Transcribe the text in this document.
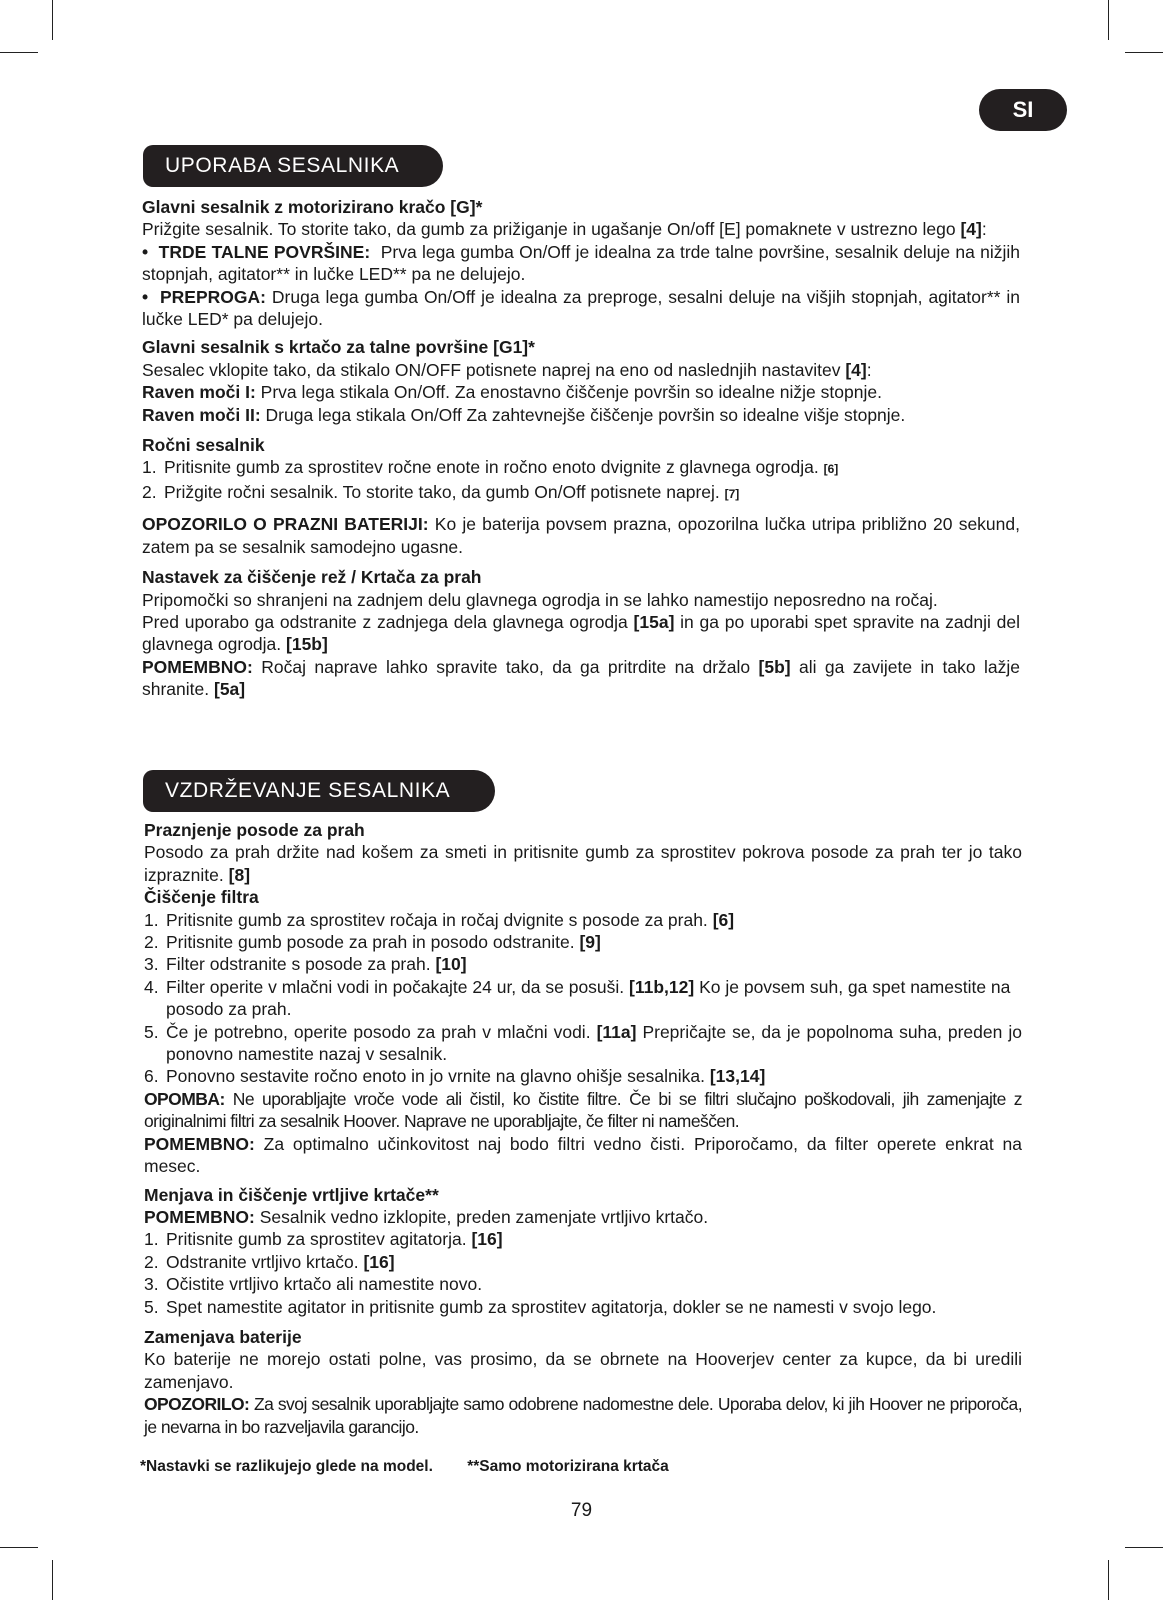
SI
UPORABA SESALNIKA

Glavni sesalnik z motorizirano kračo [G]*

Prižgite sesalnik. To storite tako, da gumb za prižiganje in ugašanje On/off [E] pomaknete v ustrezno lego [4]:

•  TRDE TALNE POVRŠINE: Prva lega gumba On/Off je idealna za trde talne površine, sesalnik deluje na nižjih stopnjah, agitator** in lučke LED** pa ne delujejo.

•  PREPROGA: Druga lega gumba On/Off je idealna za preproge, sesalni deluje na višjih stopnjah, agitator** in lučke LED* pa delujejo.

Glavni sesalnik s krtačo za talne površine [G1]*

Sesalec vklopite tako, da stikalo ON/OFF potisnete naprej na eno od naslednjih nastavitev [4]:

Raven moči I: Prva lega stikala On/Off. Za enostavno čiščenje površin so idealne nižje stopnje.

Raven moči II: Druga lega stikala On/Off Za zahtevnejše čiščenje površin so idealne višje stopnje.

Ročni sesalnik

1. Pritisnite gumb za sprostitev ročne enote in ročno enoto dvignite z glavnega ogrodja. [6]
2. Prižgite ročni sesalnik. To storite tako, da gumb On/Off potisnete naprej. [7]

OPOZORILO O PRAZNI BATERIJI: Ko je baterija povsem prazna, opozorilna lučka utripa približno 20 sekund, zatem pa se sesalnik samodejno ugasne.

Nastavek za čiščenje rež / Krtača za prah

Pripomočki so shranjeni na zadnjem delu glavnega ogrodja in se lahko namestijo neposredno na ročaj.

Pred uporabo ga odstranite z zadnjega dela glavnega ogrodja [15a] in ga po uporabi spet spravite na zadnji del glavnega ogrodja. [15b]

POMEMBNO: Ročaj naprave lahko spravite tako, da ga pritrdite na držalo [5b] ali ga zavijete in tako lažje shranite. [5a]

VZDRŽEVANJE SESALNIKA

Praznjenje posode za prah

Posodo za prah držite nad košem za smeti in pritisnite gumb za sprostitev pokrova posode za prah ter jo tako izpraznite. [8]

Čiščenje filtra

1. Pritisnite gumb za sprostitev ročaja in ročaj dvignite s posode za prah. [6]
2. Pritisnite gumb posode za prah in posodo odstranite. [9]
3. Filter odstranite s posode za prah. [10]
4. Filter operite v mlačni vodi in počakajte 24 ur, da se posuši. [11b,12] Ko je povsem suh, ga spet namestite na posodo za prah.
5. Če je potrebno, operite posodo za prah v mlačni vodi. [11a] Prepričajte se, da je popolnoma suha, preden jo ponovno namestite nazaj v sesalnik.
6. Ponovno sestavite ročno enoto in jo vrnite na glavno ohišje sesalnika. [13,14]

OPOMBA: Ne uporabljajte vroče vode ali čistil, ko čistite filtre. Če bi se filtri slučajno poškodovali, jih zamenjajte z originalnimi filtri za sesalnik Hoover. Naprave ne uporabljajte, če filter ni nameščen.

POMEMBNO: Za optimalno učinkovitost naj bodo filtri vedno čisti. Priporočamo, da filter operete enkrat na mesec.

Menjava in čiščenje vrtljive krtače**

POMEMBNO: Sesalnik vedno izklopite, preden zamenjate vrtljivo krtačo.

1. Pritisnite gumb za sprostitev agitatorja. [16]
2. Odstranite vrtljivo krtačo. [16]
3. Očistite vrtljivo krtačo ali namestite novo.
5. Spet namestite agitator in pritisnite gumb za sprostitev agitatorja, dokler se ne namesti v svojo lego.

Zamenjava baterije

Ko baterije ne morejo ostati polne, vas prosimo, da se obrnete na Hooverjev center za kupce, da bi uredili zamenjavo.

OPOZORILO: Za svoj sesalnik uporabljajte samo odobrene nadomestne dele. Uporaba delov, ki jih Hoover ne priporoča, je nevarna in bo razveljavila garancijo.

*Nastavki se razlikujejo glede na model. **Samo motorizirana krtača
79
